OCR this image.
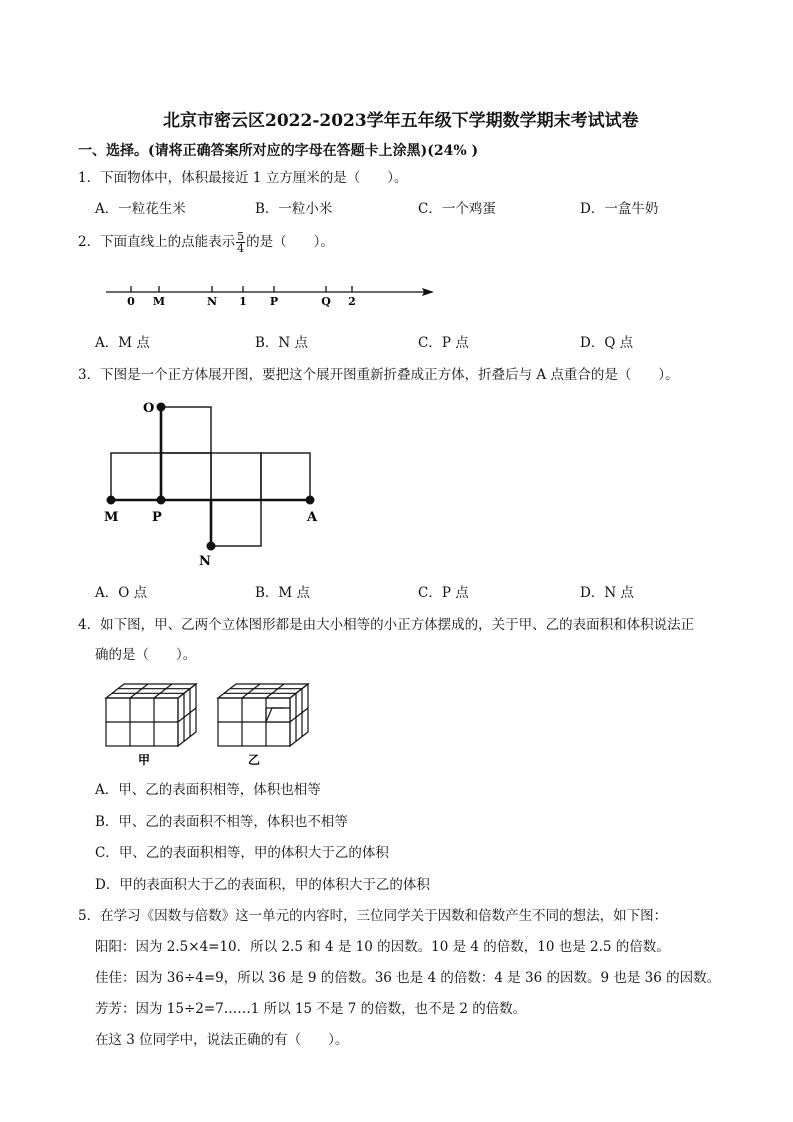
北京市密云区2022-2023学年五年级下学期数学期末考试试卷
一、选择。(请将正确答案所对应的字母在答题卡上涂黑)(24% )
1．下面物体中，体积最接近 1 立方厘米的是（　　）。
A．一粒花生米	B．一粒小米	C．一个鸡蛋	D．一盒牛奶
2．下面直线上的点能表示 $\frac{5}{4}$ 的是（　　）。
0 M	N 1 P	Q 2
A．M 点	B．N 点	C．P 点	D．Q 点
3．下图是一个正方体展开图，要把这个展开图重新折叠成正方体，折叠后与 A 点重合的是（　　）。
O
M	P	A
N
A．O 点	B．M 点	C．P 点	D．N 点
4．如下图，甲、乙两个立体图形都是由大小相等的小正方体摆成的，关于甲、乙的表面积和体积说法正
确的是（　　）。
甲	乙
A．甲、乙的表面积相等，体积也相等
B．甲、乙的表面积不相等，体积也不相等
C．甲、乙的表面积相等，甲的体积大于乙的体积
D．甲的表面积大于乙的表面积，甲的体积大于乙的体积
5．在学习《因数与倍数》这一单元的内容时，三位同学关于因数和倍数产生不同的想法，如下图：
阳阳：因为 2.5×4=10．所以 2.5 和 4 是 10 的因数。10 是 4 的倍数，10 也是 2.5 的倍数。
佳佳：因为 36÷4=9，所以 36 是 9 的倍数。36 也是 4 的倍数：4 是 36 的因数。9 也是 36 的因数。
芳芳：因为 15÷2=7……1 所以 15 不是 7 的倍数，也不是 2 的倍数。
在这 3 位同学中，说法正确的有（　　）。
